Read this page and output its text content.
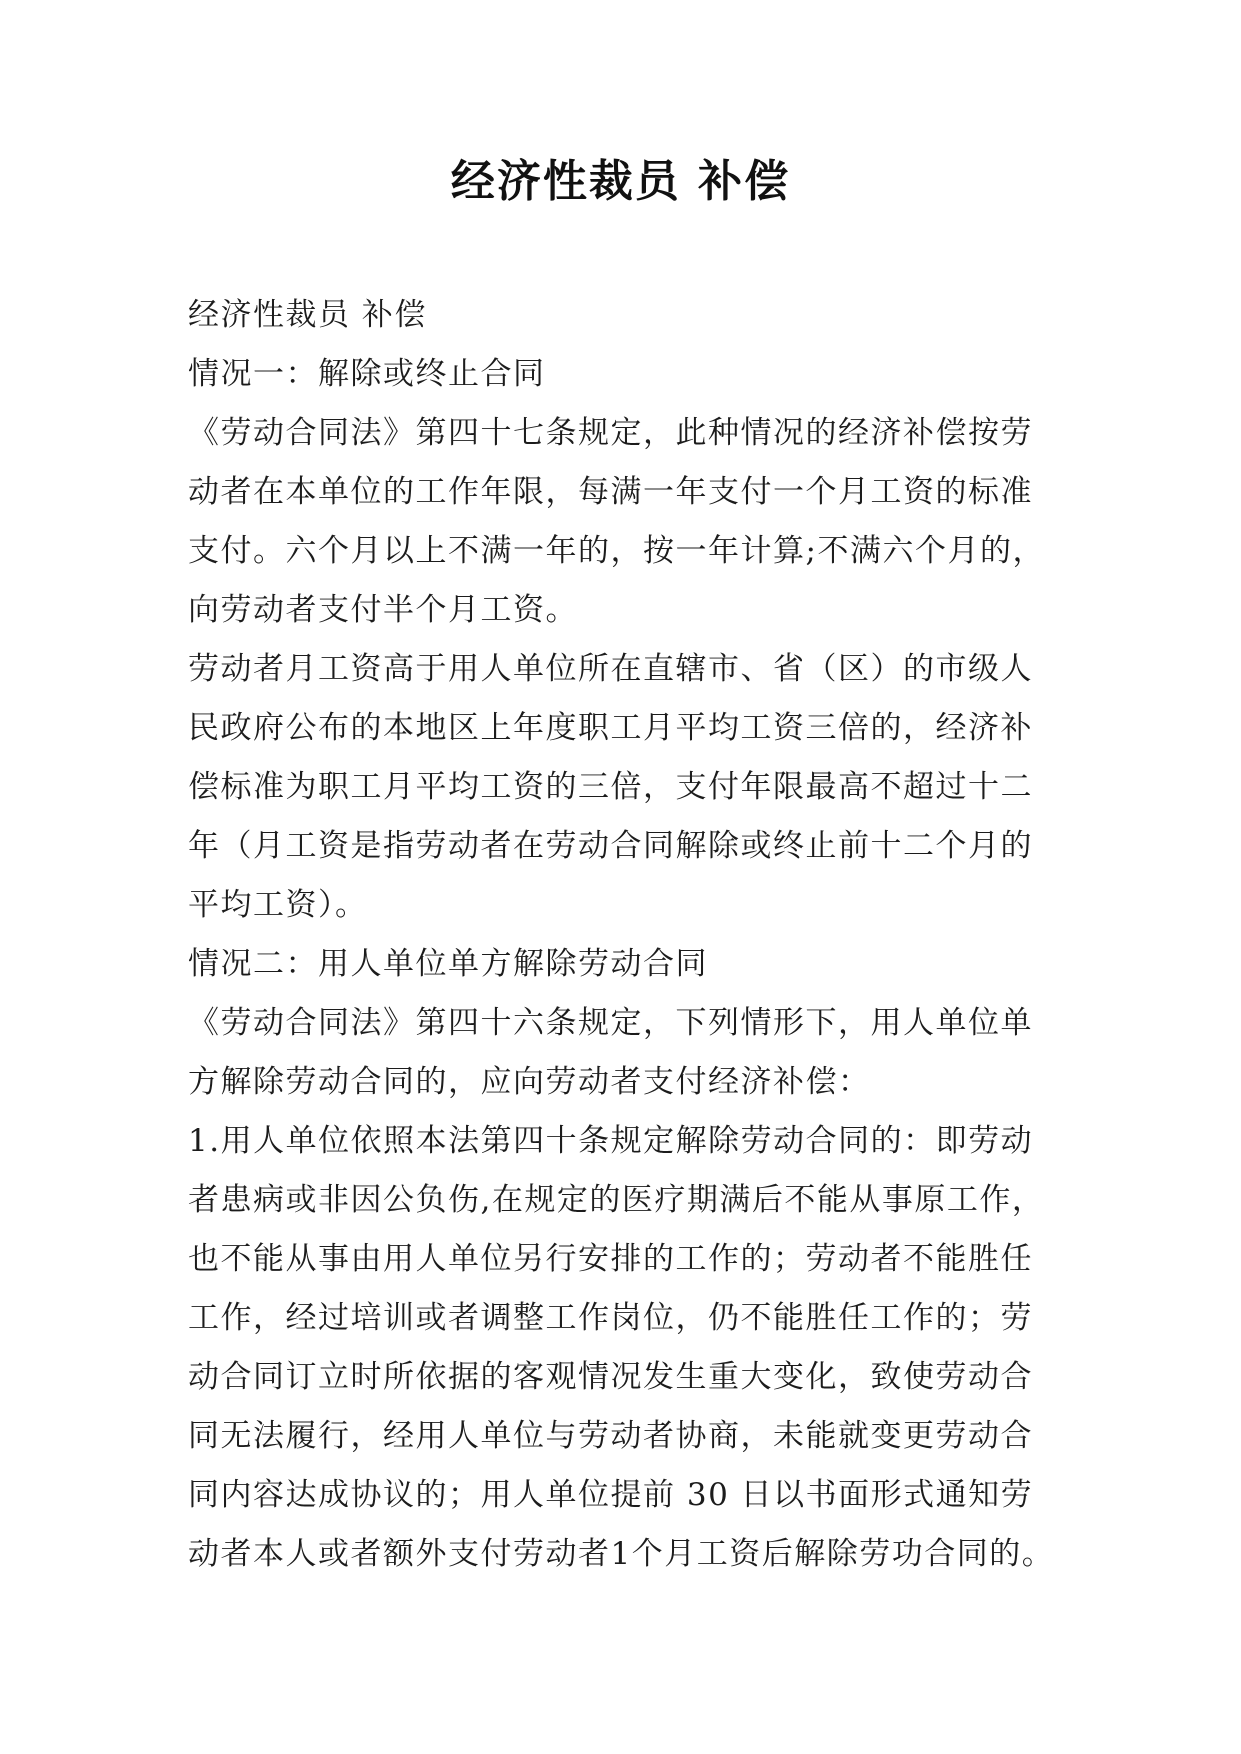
经济性裁员 补偿
经济性裁员 补偿
情况一：解除或终止合同
《劳动合同法》第四十七条规定，此种情况的经济补偿按劳
动者在本单位的工作年限，每满一年支付一个月工资的标准
支付。六个月以上不满一年的，按一年计算;不满六个月的，
向劳动者支付半个月工资。
劳动者月工资高于用人单位所在直辖市、省（区）的市级人
民政府公布的本地区上年度职工月平均工资三倍的，经济补
偿标准为职工月平均工资的三倍，支付年限最高不超过十二
年（月工资是指劳动者在劳动合同解除或终止前十二个月的
平均工资）。
情况二：用人单位单方解除劳动合同
《劳动合同法》第四十六条规定，下列情形下，用人单位单
方解除劳动合同的，应向劳动者支付经济补偿：
1.用人单位依照本法第四十条规定解除劳动合同的：即劳动
者患病或非因公负伤,在规定的医疗期满后不能从事原工作，
也不能从事由用人单位另行安排的工作的；劳动者不能胜任
工作，经过培训或者调整工作岗位，仍不能胜任工作的；劳
动合同订立时所依据的客观情况发生重大变化，致使劳动合
同无法履行，经用人单位与劳动者协商，未能就变更劳动合
同内容达成协议的；用人单位提前 30 日以书面形式通知劳
动者本人或者额外支付劳动者1个月工资后解除劳功合同的。
